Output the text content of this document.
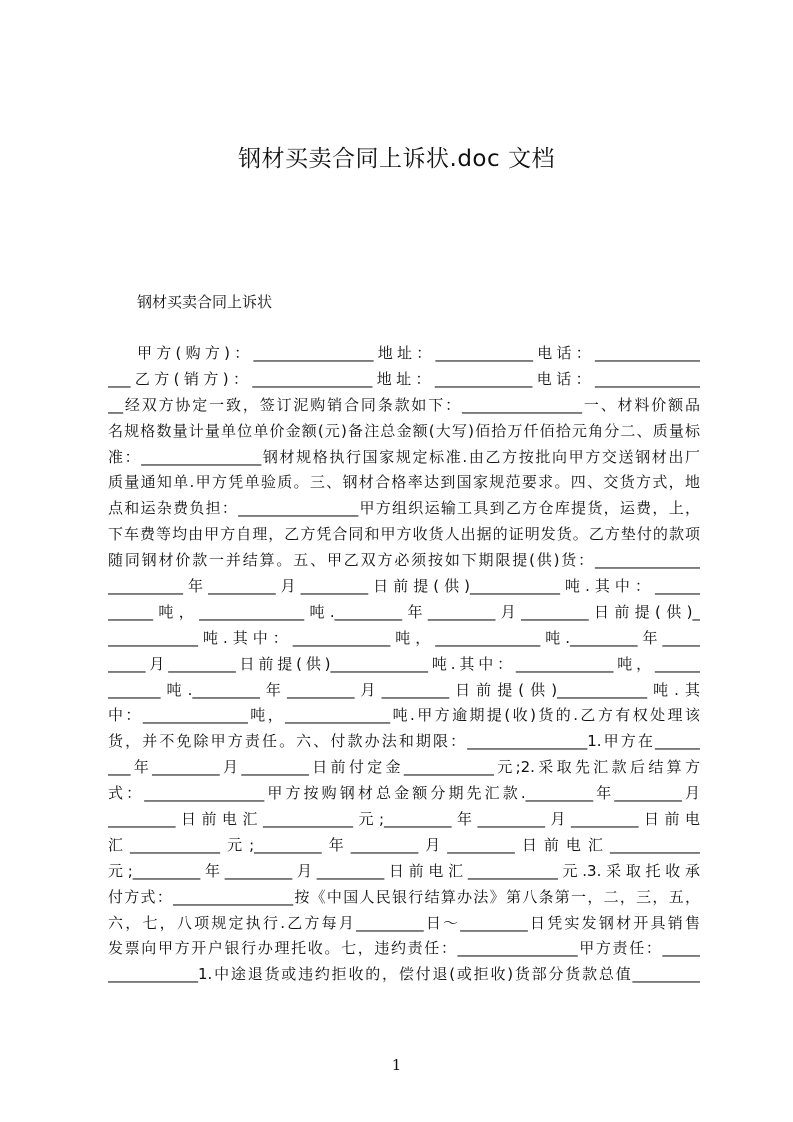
钢材买卖合同上诉状.doc 文档
钢材买卖合同上诉状
甲方(购方)：________________地址：_____________电话：______________
___乙方(销方)：________________地址：_____________电话：______________
__经双方协定一致，签订泥购销合同条款如下：________________一、材料价额品
名规格数量计量单位单价金额(元)备注总金额(大写)佰拾万仟佰拾元角分二、质量标
准：________________钢材规格执行国家规定标准.由乙方按批向甲方交送钢材出厂
质量通知单.甲方凭单验质。三、钢材合格率达到国家规范要求。四、交货方式，地
点和运杂费负担：________________甲方组织运输工具到乙方仓库提货，运费，上，
下车费等均由甲方自理，乙方凭合同和甲方收货人出据的证明发货。乙方垫付的款项
随同钢材价款一并结算。五、甲乙双方必须按如下期限提(供)货：______________
__________年_________月_________日前提(供)____________吨.其中：______
______吨，______________吨._________年_________月_________日前提(供)_
____________吨.其中：_____________吨，______________吨._________年_____
_____月_________日前提(供)_____________吨.其中：_____________吨，______
_______吨._________年_________月_________日前提(供)____________吨.其
中：______________吨，______________吨.甲方逾期提(收)货的.乙方有权处理该
货，并不免除甲方责任。六、付款办法和期限：________________1.甲方在______
___年_________月_________日前付定金____________元;2.采取先汇款后结算方
式：________________甲方按购钢材总金额分期先汇款._________年_________月
_________日前电汇____________元;_________年_________月_________日前电
汇____________元;_________年_________月_________日前电汇____________
元;_________年_________月_________日前电汇____________元.3.采取托收承
付方式：________________按《中国人民银行结算办法》第八条第一，二，三，五，
六，七，八项规定执行.乙方每月_________日～_________日凭实发钢材开具销售
发票向甲方开户银行办理托收。七，违约责任：________________甲方责任：_____
____________1.中途退货或违约拒收的，偿付退(或拒收)货部分货款总值_________
1
